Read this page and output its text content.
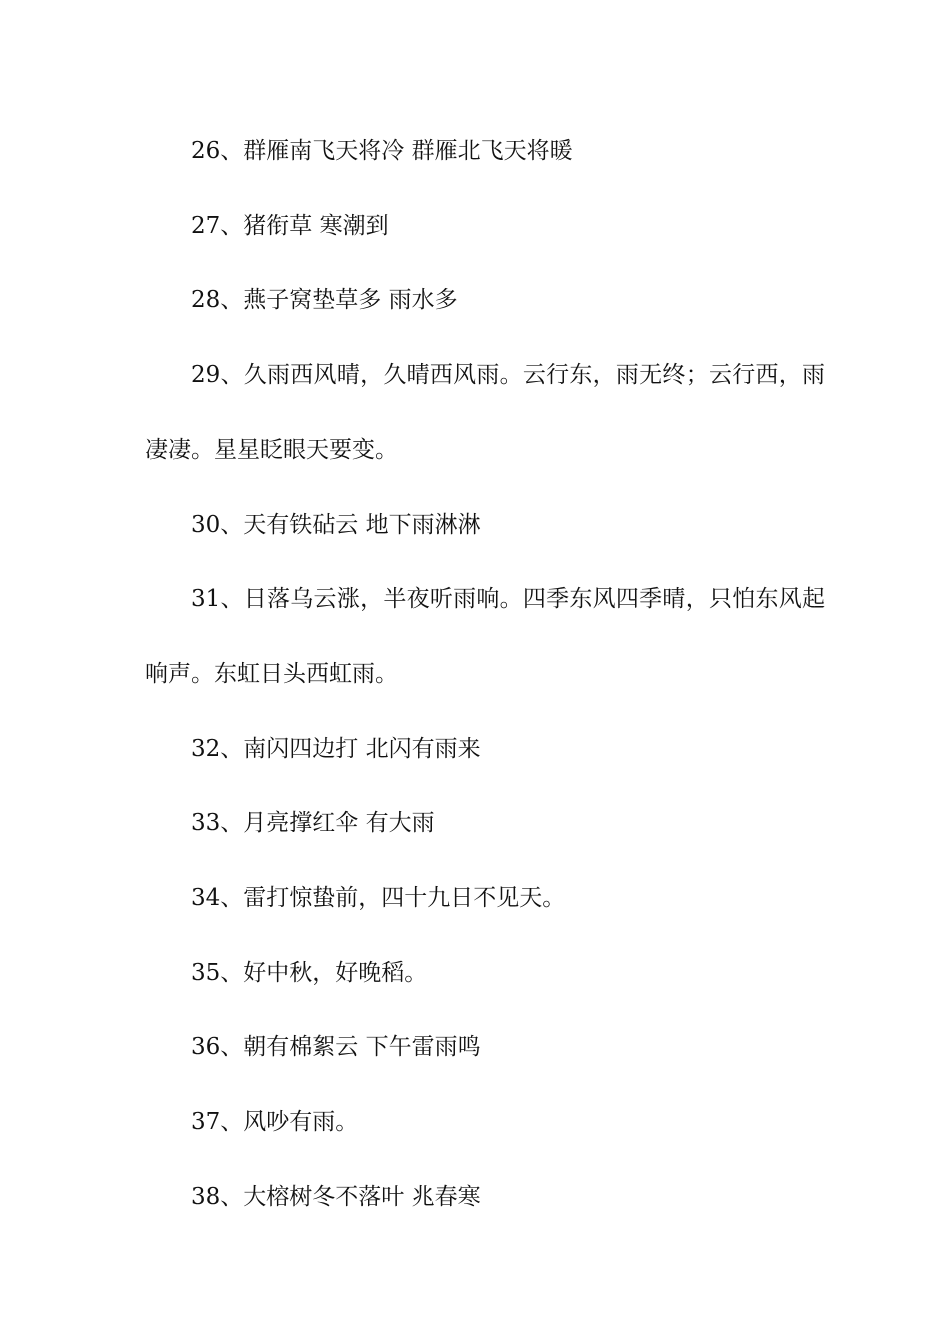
26、群雁南飞天将冷 群雁北飞天将暖

27、猪衔草 寒潮到

28、燕子窝垫草多 雨水多

29、久雨西风晴，久晴西风雨。云行东，雨无终；云行西，雨凄凄。星星眨眼天要变。

30、天有铁砧云 地下雨淋淋

31、日落乌云涨，半夜听雨响。四季东风四季晴，只怕东风起响声。东虹日头西虹雨。

32、南闪四边打 北闪有雨来

33、月亮撑红伞 有大雨

34、雷打惊蛰前，四十九日不见天。

35、好中秋，好晚稻。

36、朝有棉絮云 下午雷雨鸣

37、风吵有雨。

38、大榕树冬不落叶 兆春寒
